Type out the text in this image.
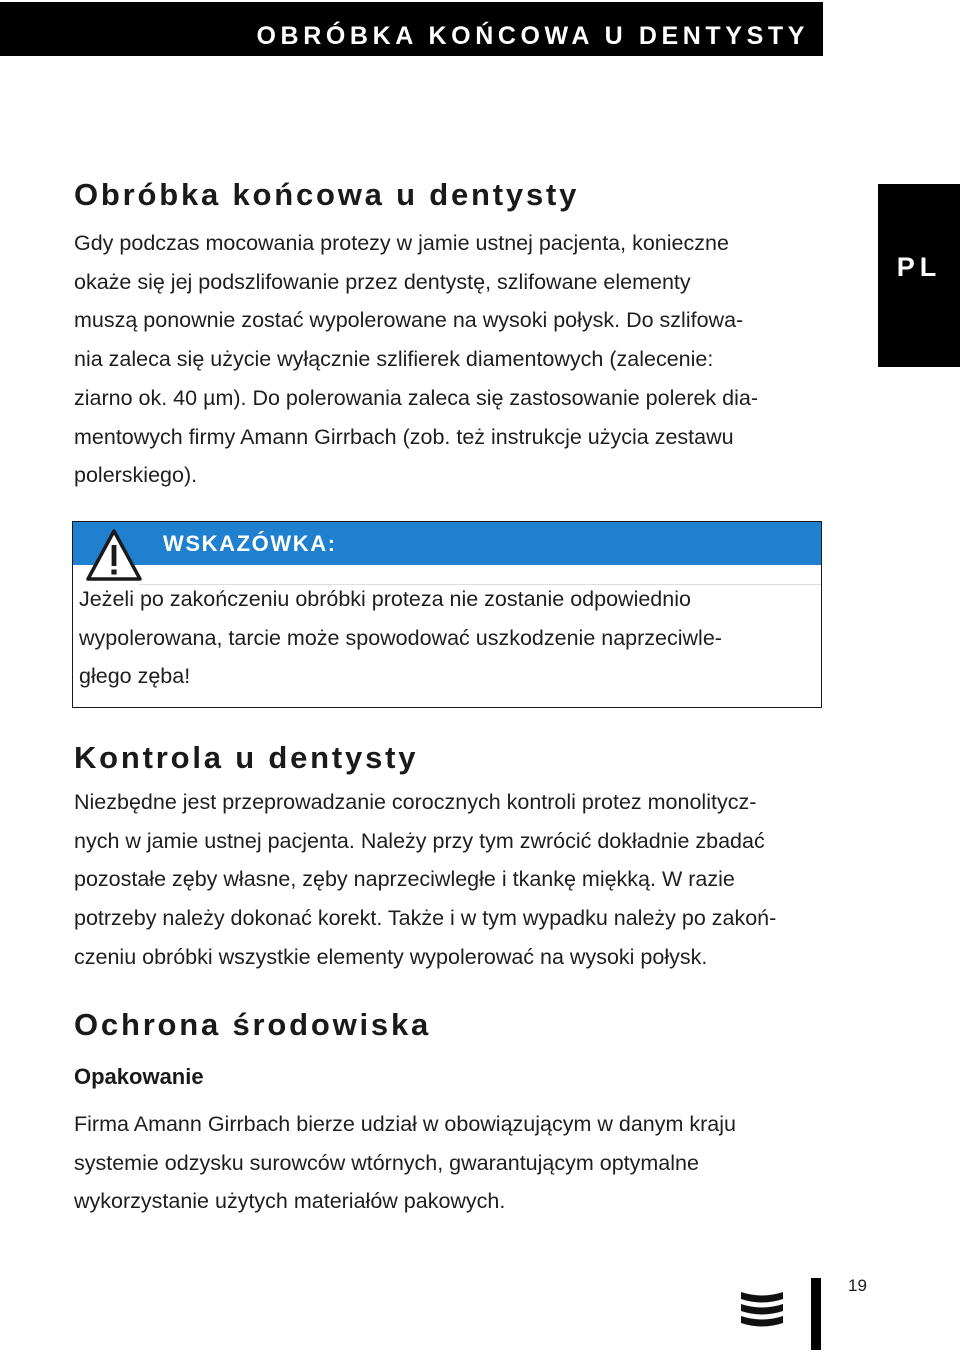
OBRÓBKA KOŃCOWA U DENTYSTY
PL
Obróbka końcowa u dentysty

Gdy podczas mocowania protezy w jamie ustnej pacjenta, konieczne
okaże się jej podszlifowanie przez dentystę, szlifowane elementy
muszą ponownie zostać wypolerowane na wysoki połysk. Do szlifowa-
nia zaleca się użycie wyłącznie szlifierek diamentowych (zalecenie:
ziarno ok. 40 µm). Do polerowania zaleca się zastosowanie polerek dia-
mentowych firmy Amann Girrbach (zob. też instrukcje użycia zestawu
polerskiego).

Kontrola u dentysty

Niezbędne jest przeprowadzanie corocznych kontroli protez monolitycz-
nych w jamie ustnej pacjenta. Należy przy tym zwrócić dokładnie zbadać
pozostałe zęby własne, zęby naprzeciwległe i tkankę miękką. W razie
potrzeby należy dokonać korekt. Także i w tym wypadku należy po zakoń-
czeniu obróbki wszystkie elementy wypolerować na wysoki połysk.

Ochrona środowiska
Opakowanie

Firma Amann Girrbach bierze udział w obowiązującym w danym kraju
systemie odzysku surowców wtórnych, gwarantującym optymalne
wykorzystanie użytych materiałów pakowych.

WSKAZÓWKA:

Jeżeli po zakończeniu obróbki proteza nie zostanie odpowiednio
wypolerowana, tarcie może spowodować uszkodzenie naprzeciwle-
głego zęba!

19
